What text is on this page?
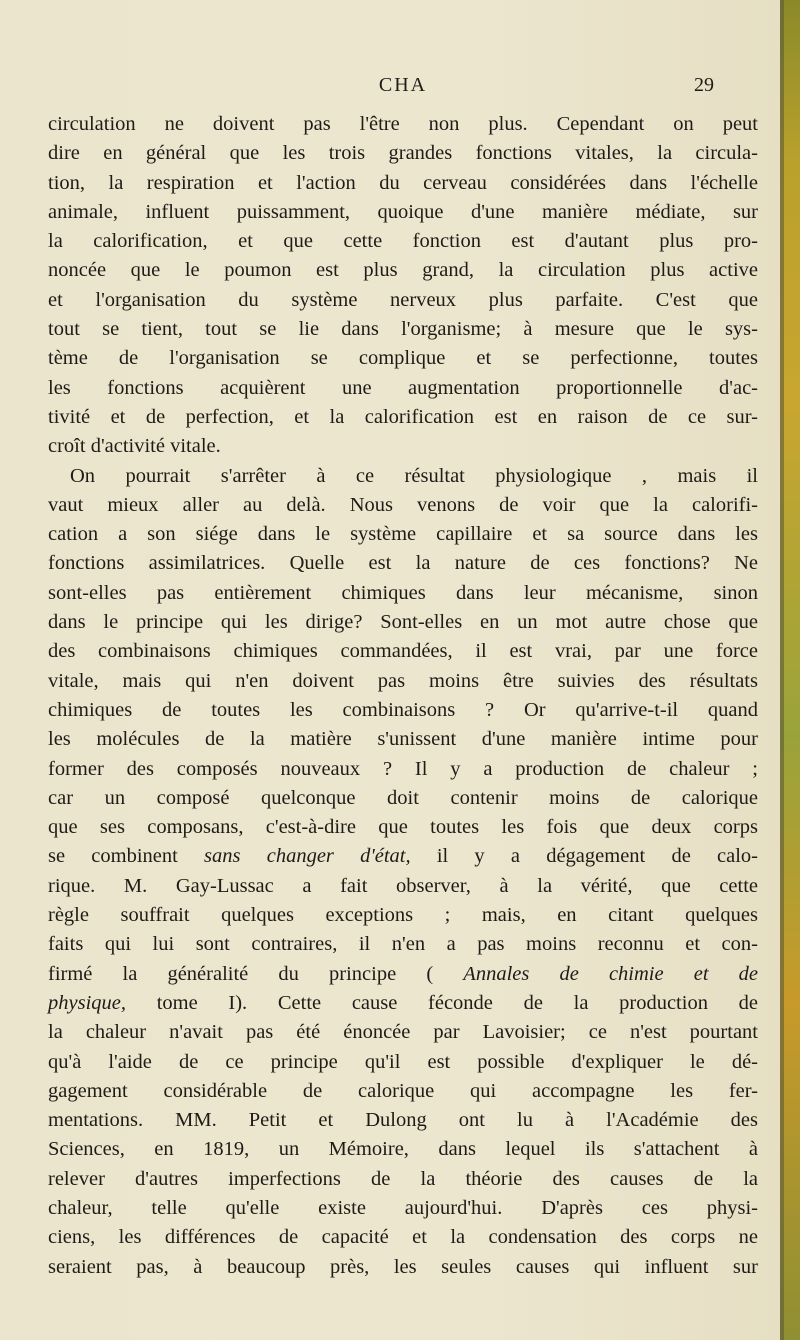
CHA	29
circulation ne doivent pas l'être non plus. Cependant on peut
dire en général que les trois grandes fonctions vitales, la circula-
tion, la respiration et l'action du cerveau considérées dans l'échelle
animale, influent puissamment, quoique d'une manière médiate, sur
la calorification, et que cette fonction est d'autant plus pro-
noncée que le poumon est plus grand, la circulation plus active
et l'organisation du système nerveux plus parfaite. C'est que
tout se tient, tout se lie dans l'organisme; à mesure que le sys-
tème de l'organisation se complique et se perfectionne, toutes
les fonctions acquièrent une augmentation proportionnelle d'ac-
tivité et de perfection, et la calorification est en raison de ce sur-
croît d'activité vitale.
On pourrait s'arrêter à ce résultat physiologique , mais il
vaut mieux aller au delà. Nous venons de voir que la calorifi-
cation a son siége dans le système capillaire et sa source dans les
fonctions assimilatrices. Quelle est la nature de ces fonctions? Ne
sont-elles pas entièrement chimiques dans leur mécanisme, sinon
dans le principe qui les dirige? Sont-elles en un mot autre chose que
des combinaisons chimiques commandées, il est vrai, par une force
vitale, mais qui n'en doivent pas moins être suivies des résultats
chimiques de toutes les combinaisons ? Or qu'arrive-t-il quand
les molécules de la matière s'unissent d'une manière intime pour
former des composés nouveaux ? Il y a production de chaleur ;
car un composé quelconque doit contenir moins de calorique
que ses composans, c'est-à-dire que toutes les fois que deux corps
se combinent sans changer d'état, il y a dégagement de calo-
rique. M. Gay-Lussac a fait observer, à la vérité, que cette
règle souffrait quelques exceptions ; mais, en citant quelques
faits qui lui sont contraires, il n'en a pas moins reconnu et con-
firmé la généralité du principe ( Annales de chimie et de
physique, tome I). Cette cause féconde de la production de
la chaleur n'avait pas été énoncée par Lavoisier; ce n'est pourtant
qu'à l'aide de ce principe qu'il est possible d'expliquer le dé-
gagement considérable de calorique qui accompagne les fer-
mentations. MM. Petit et Dulong ont lu à l'Académie des
Sciences, en 1819, un Mémoire, dans lequel ils s'attachent à
relever d'autres imperfections de la théorie des causes de la
chaleur, telle qu'elle existe aujourd'hui. D'après ces physi-
ciens, les différences de capacité et la condensation des corps ne
seraient pas, à beaucoup près, les seules causes qui influent sur
